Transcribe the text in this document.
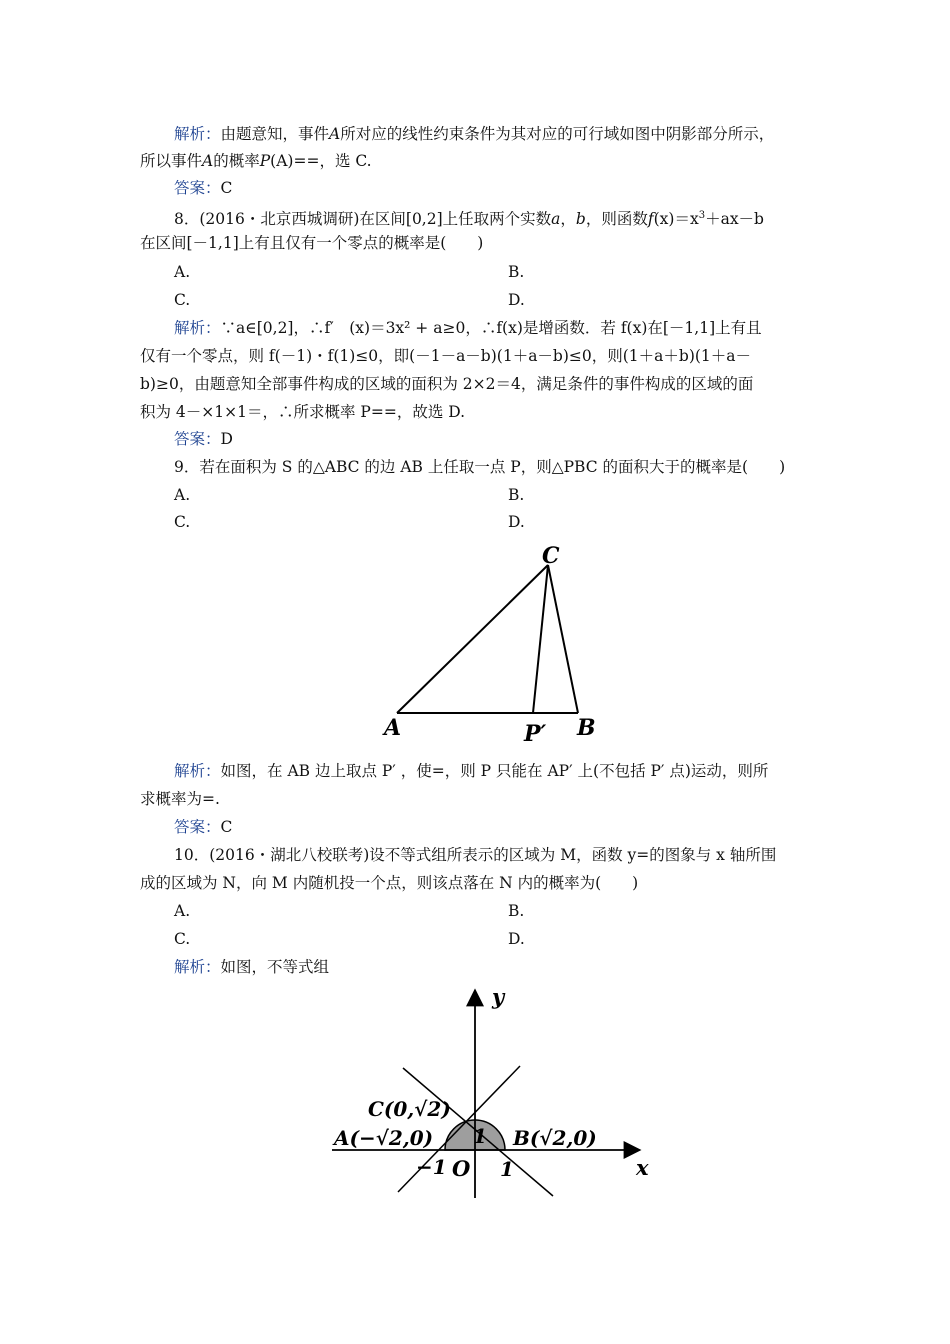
解析：由题意知，事件A所对应的线性约束条件为其对应的可行域如图中阴影部分所示，
所以事件A的概率P(A)==，选 C.
答案：C
8．(2016・北京西城调研)在区间[0,2]上任取两个实数a，b，则函数$f(x)=x^3+ax-b$
在区间[－1,1]上有且仅有一个零点的概率是(　　)
A.	B.
C.	D.
解析：∵a∈[0,2]，∴f′　(x)＝3x² + a≥0，∴f(x)是增函数．若 f(x)在[－1,1]上有且
仅有一个零点，则 f(－1)・f(1)≤0，即(－1－a－b)(1＋a－b)≤0，则(1＋a＋b)(1＋a－
b)≥0，由题意知全部事件构成的区域的面积为 2×2＝4，满足条件的事件构成的区域的面
积为 4－×1×1＝，∴所求概率 P==，故选 D.
答案：D
9．若在面积为 S 的△ABC 的边 AB 上任取一点 P，则△PBC 的面积大于的概率是(　　)
A.	B.
C.	D.
A	B
C
P′
解析：如图，在 AB 边上取点 P′ ，使=，则 P 只能在 AP′ 上(不包括 P′ 点)运动，则所
求概率为=.
答案：C
10．(2016・湖北八校联考)设不等式组所表示的区域为 M，函数 y=的图象与 x 轴所围
成的区域为 N，向 M 内随机投一个点，则该点落在 N 内的概率为(　　)
A.	B.
C.	D.
解析：如图，不等式组
y
x
C(0,√2)
A(−√2,0)	B(√2,0)
1
−1 O 1
